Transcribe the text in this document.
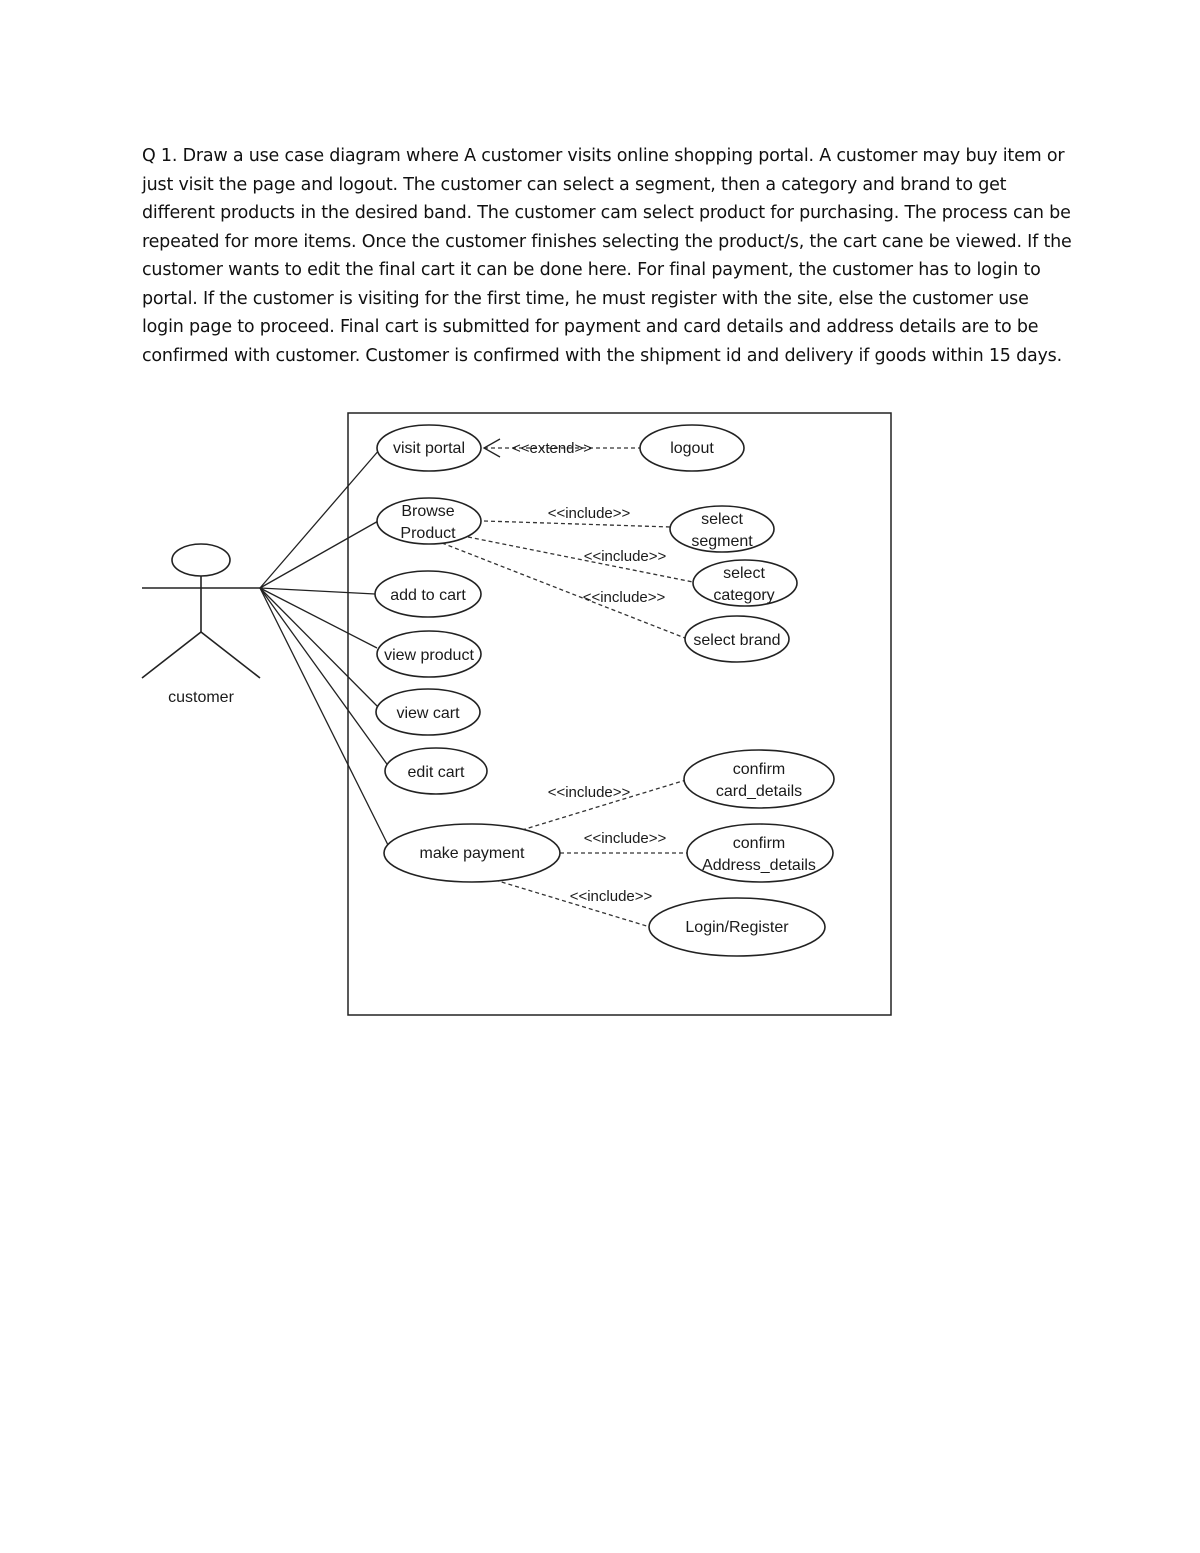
Q 1. Draw a use case diagram where A customer visits online shopping portal. A customer may buy item or just visit the page and logout. The customer can select a segment, then a category and brand to get different products in the desired band. The customer cam select product for purchasing. The process can be repeated for more items. Once the customer finishes selecting the product/s, the cart cane be viewed. If the customer wants to edit the final cart it can be done here. For final payment, the customer has to login to portal. If the customer is visiting for the first time, he must register with the site, else the customer use login page to proceed. Final cart is submitted for payment and card details and address details are to be confirmed with customer. Customer is confirmed with the shipment id and delivery if goods within 15 days.

customer
<<extend>>
<<include>>
<<include>>
<<include>>
<<include>>
<<include>>
<<include>>
visit portal
Browse
Product
add to cart
view product
view cart
edit cart
make payment
logout
select
segment
select
category
select brand
confirm
card_details
confirm
Address_details
Login/Register
